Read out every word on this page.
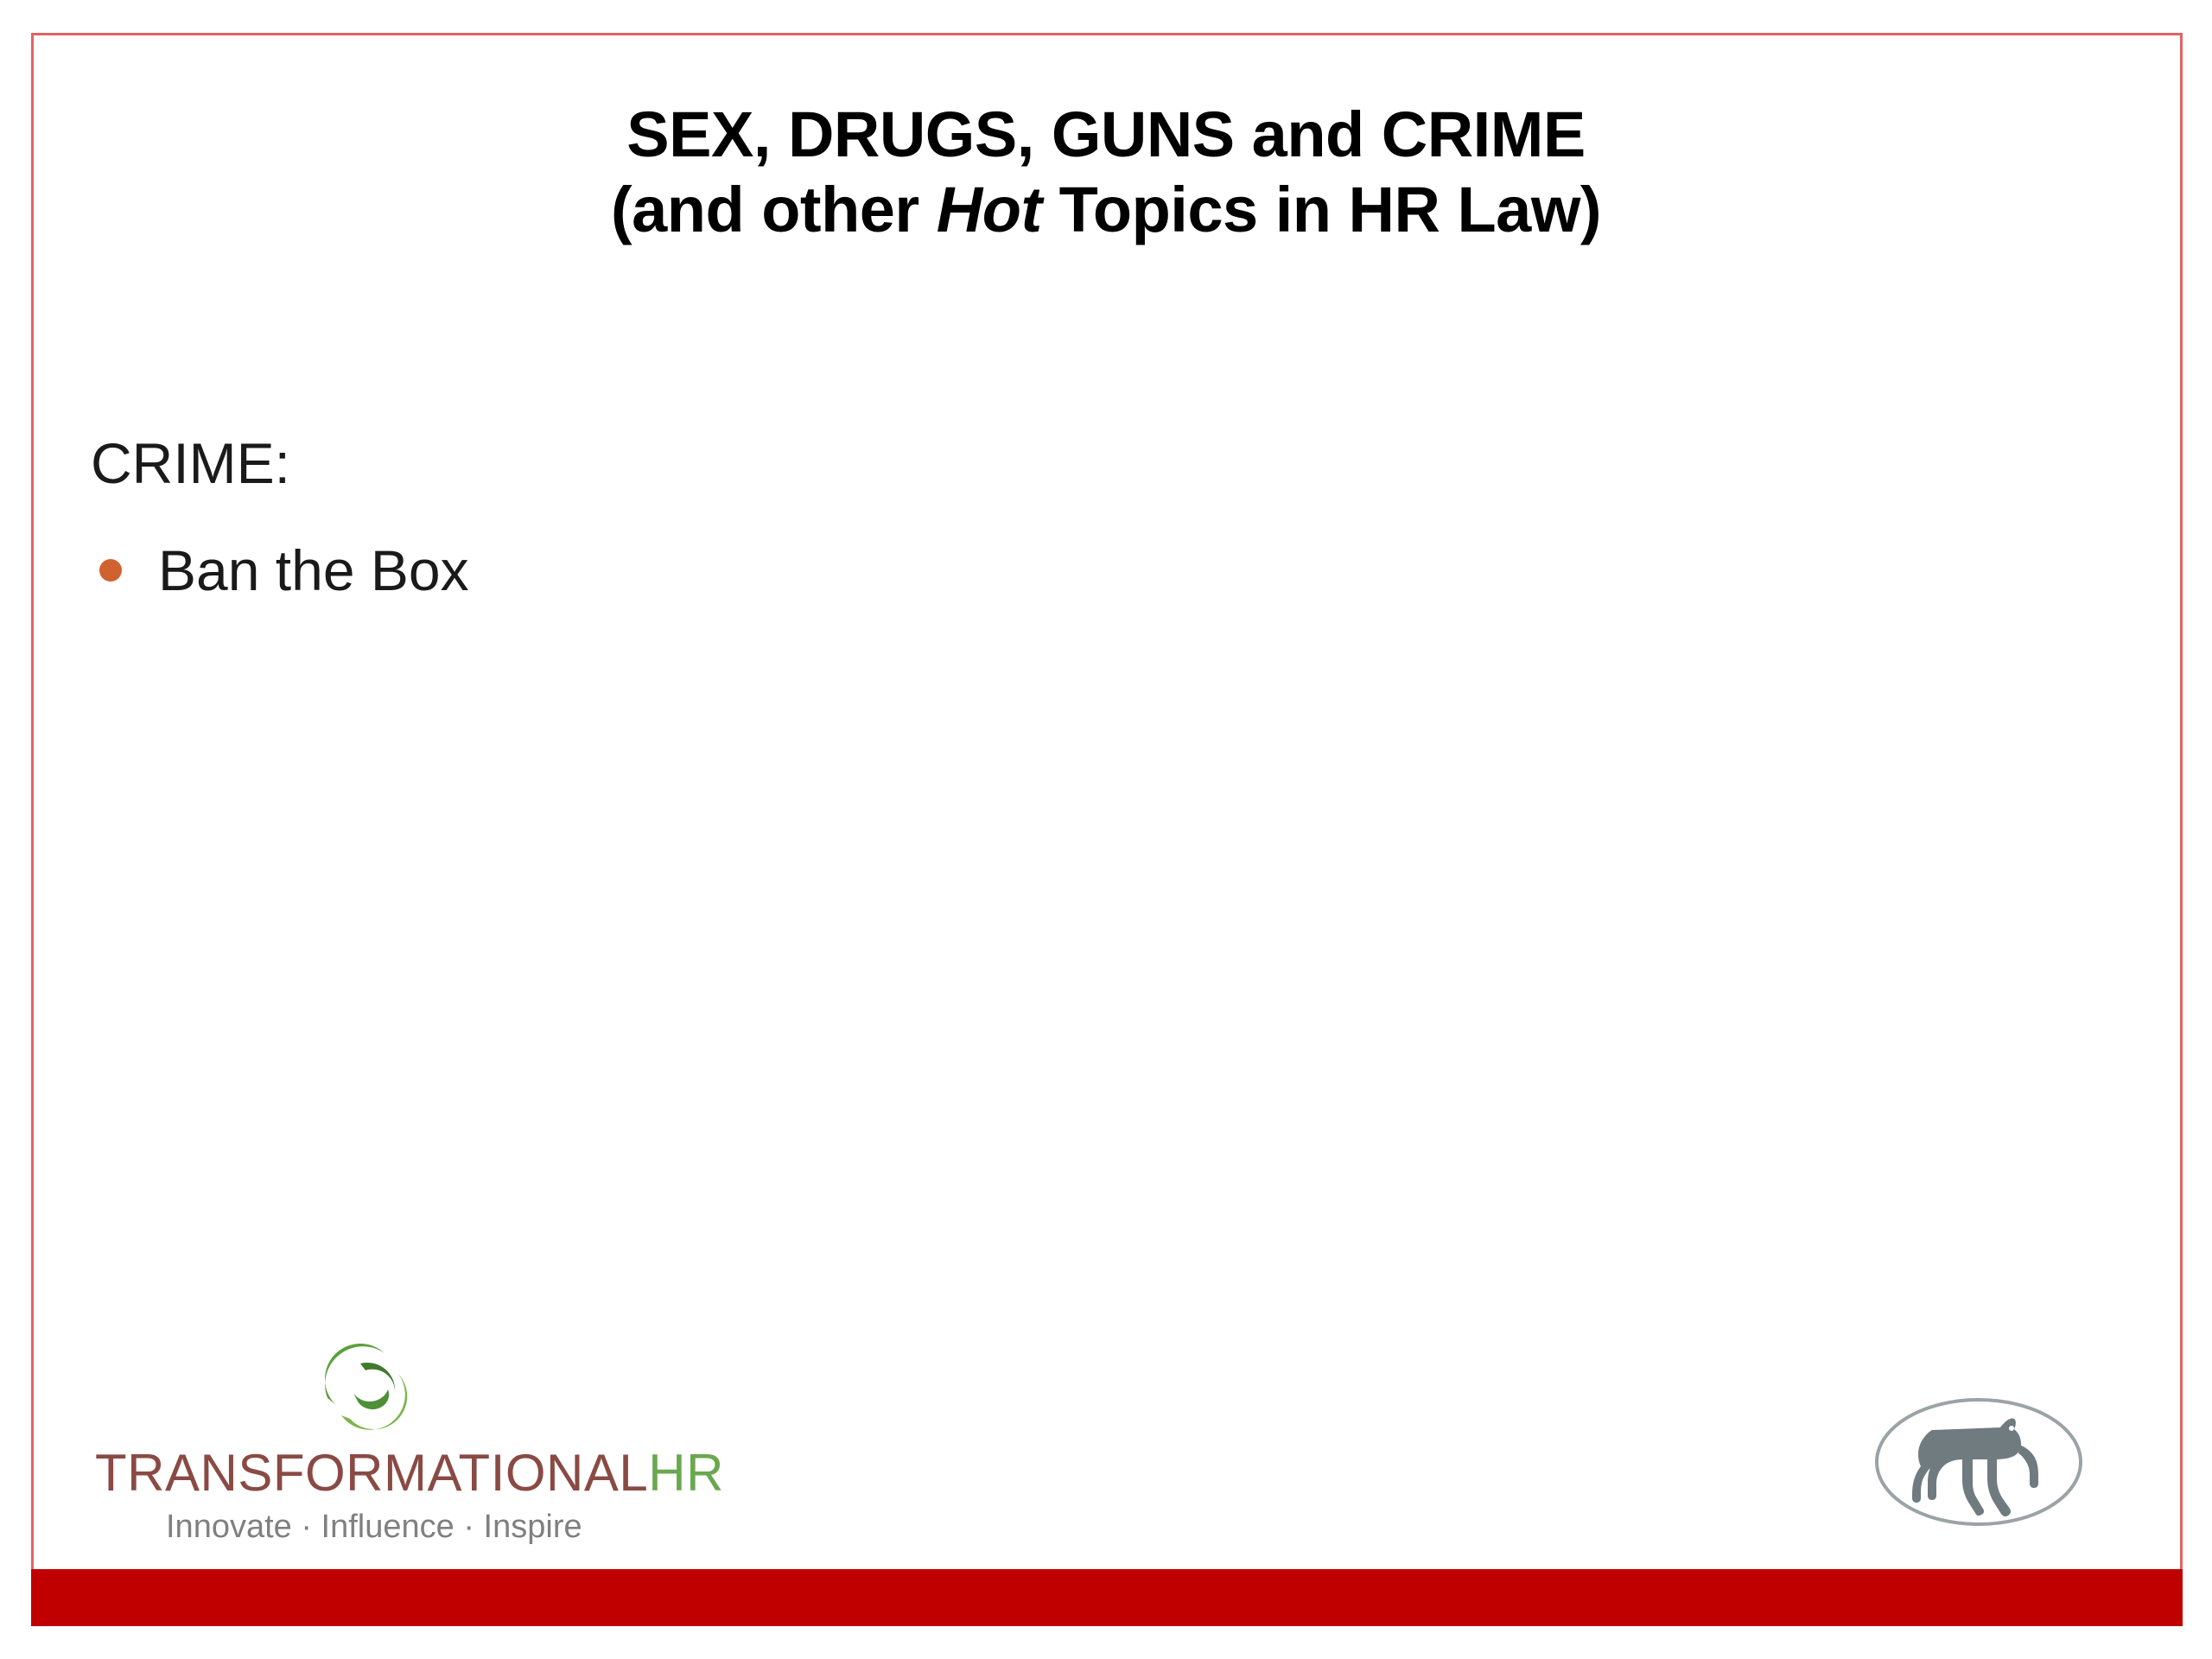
SEX, DRUGS, GUNS and CRIME
(and other Hot Topics in HR Law)

CRIME:

Ban the Box
TRANSFORMATIONALHR
Innovate · Influence · Inspire
